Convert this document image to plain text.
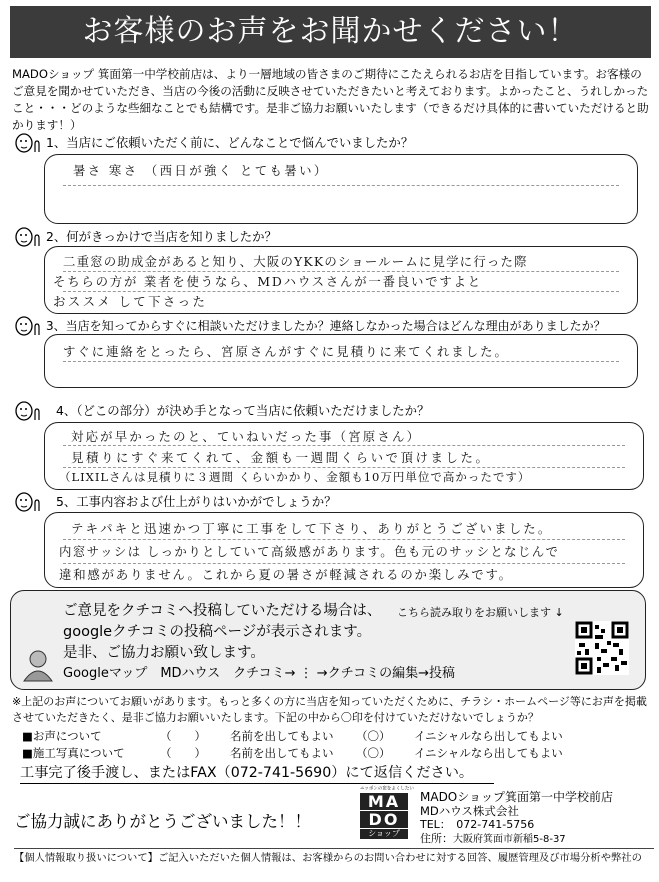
お客様のお声をお聞かせください！
MADOショップ 箕面第一中学校前店は、より一層地域の皆さまのご期待にこたえられるお店を目指しています。お客様のご意見を聞かせていただき、当店の今後の活動に反映させていただきたいと考えております。よかったこと、うれしかったこと・・・どのような些細なことでも結構です。是非ご協力お願いいたします（できるだけ具体的に書いていただけると助かります！）
1、当店にご依頼いただく前に、どんなことで悩んでいましたか？
暑さ 寒さ （西日が強く とても暑い）
2、何がきっかけで当店を知りましたか？
二重窓の助成金があると知り、大阪のYKKのショールームに見学に行った際
そちらの方が 業者を使うなら、MDハウスさんが一番良いですよと
おススメ して下さった
3、当店を知ってからすぐに相談いただけましたか？連絡しなかった場合はどんな理由がありましたか？
すぐに連絡をとったら、宮原さんがすぐに見積りに来てくれました。
4、（どこの部分）が決め手となって当店に依頼いただけましたか？
対応が早かったのと、ていねいだった事（宮原さん）
見積りにすぐ来てくれて、金額も一週間くらいで頂けました。
（LIXILさんは見積りに３週間 くらいかかり、金額も10万円単位で高かったです）
5、工事内容および仕上がりはいかがでしょうか？
テキパキと迅速かつ丁寧に工事をして下さり、ありがとうございました。
内窓サッシは しっかりとしていて高級感があります。色も元のサッシとなじんで
違和感がありません。これから夏の暑さが軽減されるのか楽しみです。
ご意見をクチコミへ投稿していただける場合は、 こちら読み取りをお願いします ↓
googleクチコミの投稿ページが表示されます。
是非、ご協力お願い致します。
Googleマップ　MDハウス　クチコミ→ ⋮ →クチコミの編集→投稿
※上記のお声についてお願いがあります。もっと多くの方に当店を知っていただくために、チラシ・ホームページ等にお声を掲載させていただきたく、是非ご協力お願いいたします。下記の中から〇印を付けていただけないでしょうか？
■お声について	（　　） 名前を出してもよい （〇） イニシャルなら出してもよい
■施工写真について	（　　） 名前を出してもよい （〇） イニシャルなら出してもよい
工事完了後手渡し、またはFAX（072-741-5690）にて返信ください。
ご協力誠にありがとうございました！！
ニッポンの窓をよくしたい
MA
DO
ショップ
MADOショップ箕面第一中学校前店
MDハウス株式会社
TEL：　072-741-5756
住所：大阪府箕面市新稲5-8-37
【個人情報取り扱いについて】ご記入いただいた個人情報は、お客様からのお問い合わせに対する回答、履歴管理及び市場分析や弊社の
